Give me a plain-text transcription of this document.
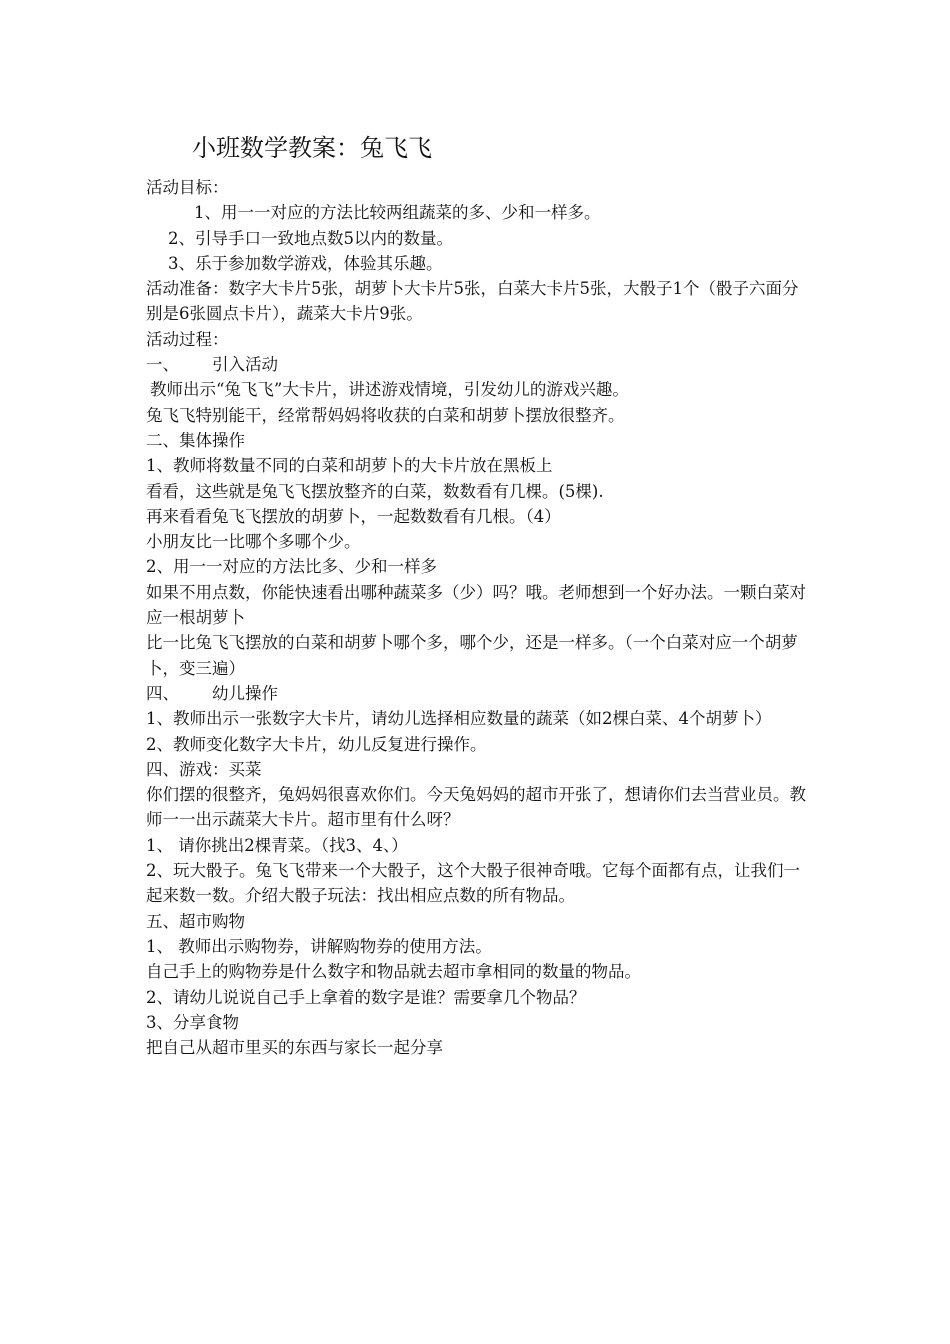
小班数学教案：兔飞飞

活动目标：

1、用一一对应的方法比较两组蔬菜的多、少和一样多。

2、引导手口一致地点数5以内的数量。

3、乐于参加数学游戏，体验其乐趣。

活动准备：数字大卡片5张，胡萝卜大卡片5张，白菜大卡片5张，大骰子1个（骰子六面分别是6张圆点卡片），蔬菜大卡片9张。

活动过程：

一、 引入活动

教师出示“兔飞飞”大卡片，讲述游戏情境，引发幼儿的游戏兴趣。

兔飞飞特别能干，经常帮妈妈将收获的白菜和胡萝卜摆放很整齐。

二、集体操作

1、教师将数量不同的白菜和胡萝卜的大卡片放在黑板上

看看，这些就是兔飞飞摆放整齐的白菜，数数看有几棵。(5棵).

再来看看兔飞飞摆放的胡萝卜，一起数数看有几根。（4）

小朋友比一比哪个多哪个少。

2、用一一对应的方法比多、少和一样多

如果不用点数，你能快速看出哪种蔬菜多（少）吗？哦。老师想到一个好办法。一颗白菜对应一根胡萝卜

比一比兔飞飞摆放的白菜和胡萝卜哪个多，哪个少，还是一样多。（一个白菜对应一个胡萝卜，变三遍）

四、 幼儿操作

1、教师出示一张数字大卡片，请幼儿选择相应数量的蔬菜（如2棵白菜、4个胡萝卜）

2、教师变化数字大卡片，幼儿反复进行操作。

四、游戏：买菜

你们摆的很整齐，兔妈妈很喜欢你们。今天兔妈妈的超市开张了，想请你们去当营业员。教师一一出示蔬菜大卡片。超市里有什么呀？

1、 请你挑出2棵青菜。（找3、4、）

2、玩大骰子。兔飞飞带来一个大骰子，这个大骰子很神奇哦。它每个面都有点，让我们一起来数一数。介绍大骰子玩法：找出相应点数的所有物品。

五、超市购物

1、 教师出示购物券，讲解购物券的使用方法。

自己手上的购物券是什么数字和物品就去超市拿相同的数量的物品。

2、请幼儿说说自己手上拿着的数字是谁？需要拿几个物品？

3、分享食物

把自己从超市里买的东西与家长一起分享
